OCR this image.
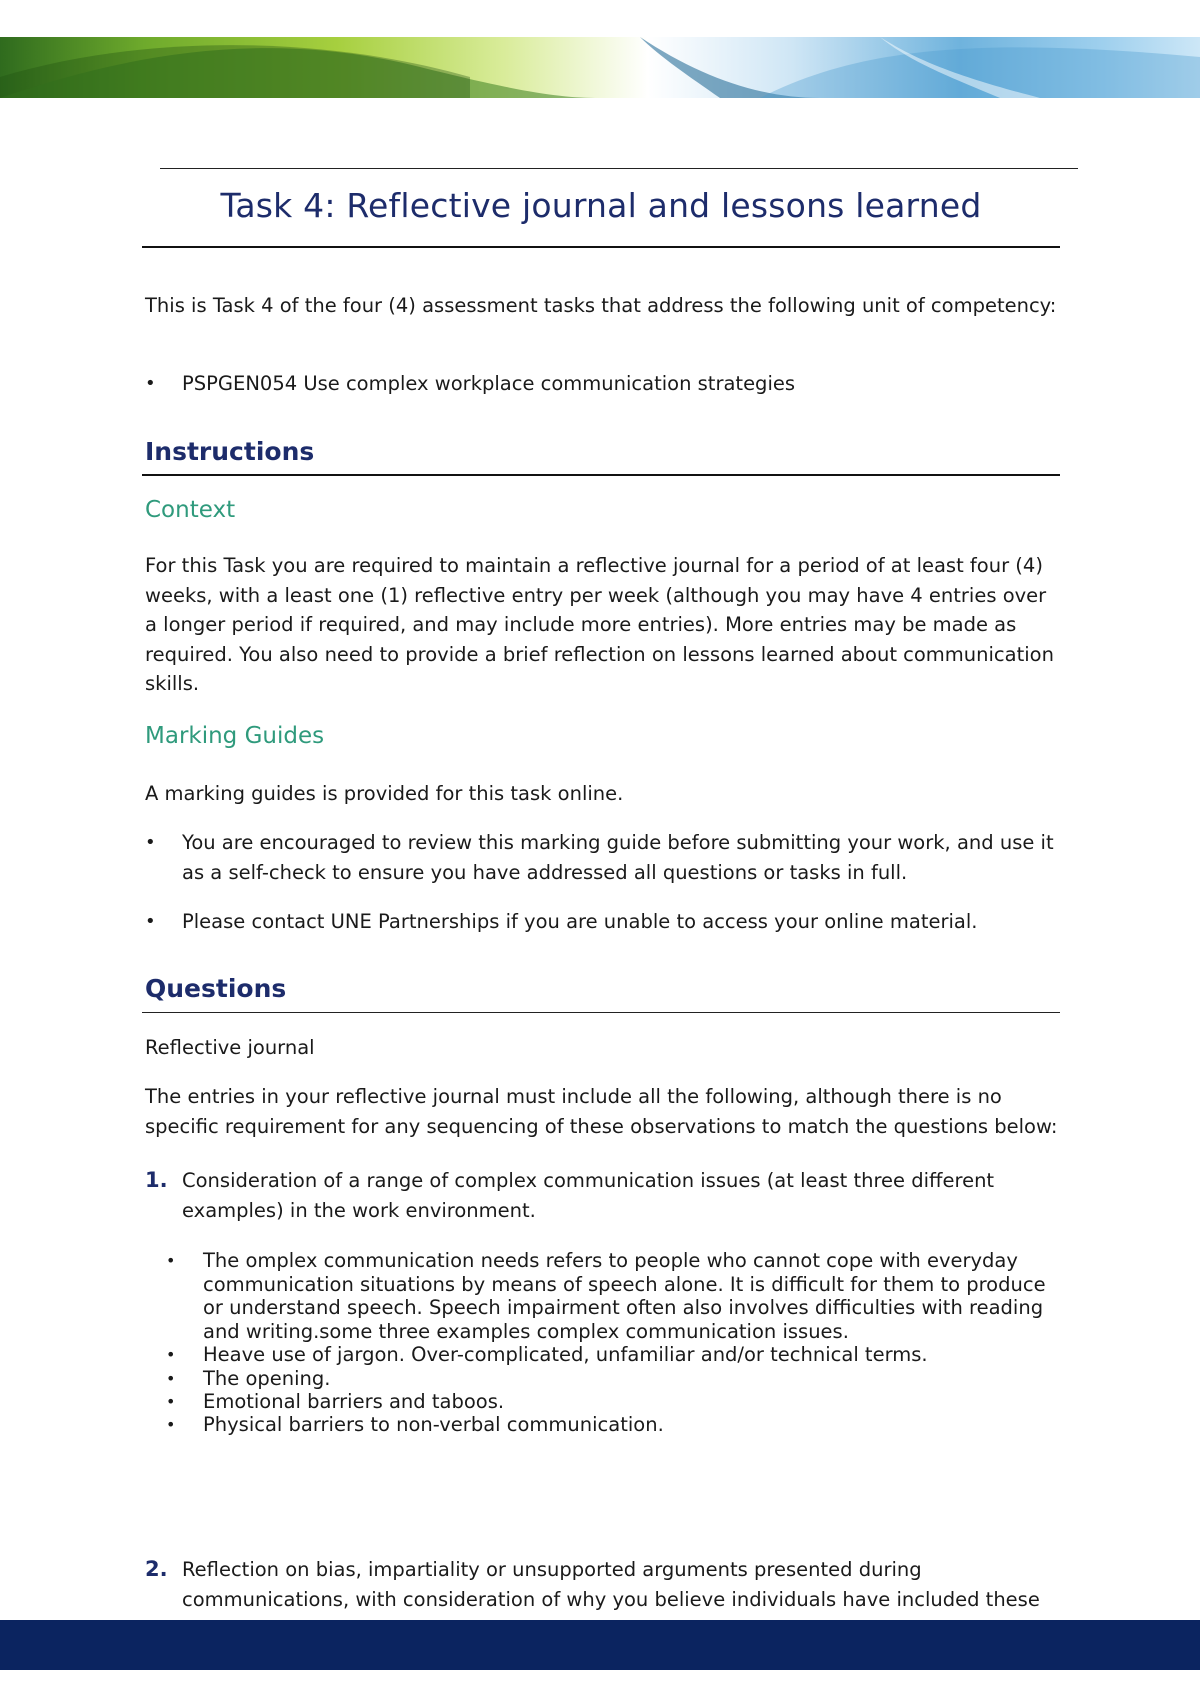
Task 4: Reflective journal and lessons learned
This is Task 4 of the four (4) assessment tasks that address the following unit of competency:
•	PSPGEN054 Use complex workplace communication strategies
Instructions
Context
For this Task you are required to maintain a reflective journal for a period of at least four (4) weeks, with a least one (1) reflective entry per week (although you may have 4 entries over a longer period if required, and may include more entries). More entries may be made as required. You also need to provide a brief reflection on lessons learned about communication skills.
Marking Guides
A marking guides is provided for this task online.
•	You are encouraged to review this marking guide before submitting your work, and use it as a self-check to ensure you have addressed all questions or tasks in full.
•	Please contact UNE Partnerships if you are unable to access your online material.
Questions
Reflective journal
The entries in your reflective journal must include all the following, although there is no specific requirement for any sequencing of these observations to match the questions below:
1. Consideration of a range of complex communication issues (at least three different examples) in the work environment.
• The omplex communication needs refers to people who cannot cope with everyday communication situations by means of speech alone. It is difficult for them to produce or understand speech. Speech impairment often also involves difficulties with reading and writing.some three examples complex communication issues.
• Heave use of jargon. Over-complicated, unfamiliar and/or technical terms.
• The opening.
• Emotional barriers and taboos.
• Physical barriers to non-verbal communication.
2. Reflection on bias, impartiality or unsupported arguments presented during communications, with consideration of why you believe individuals have included these
